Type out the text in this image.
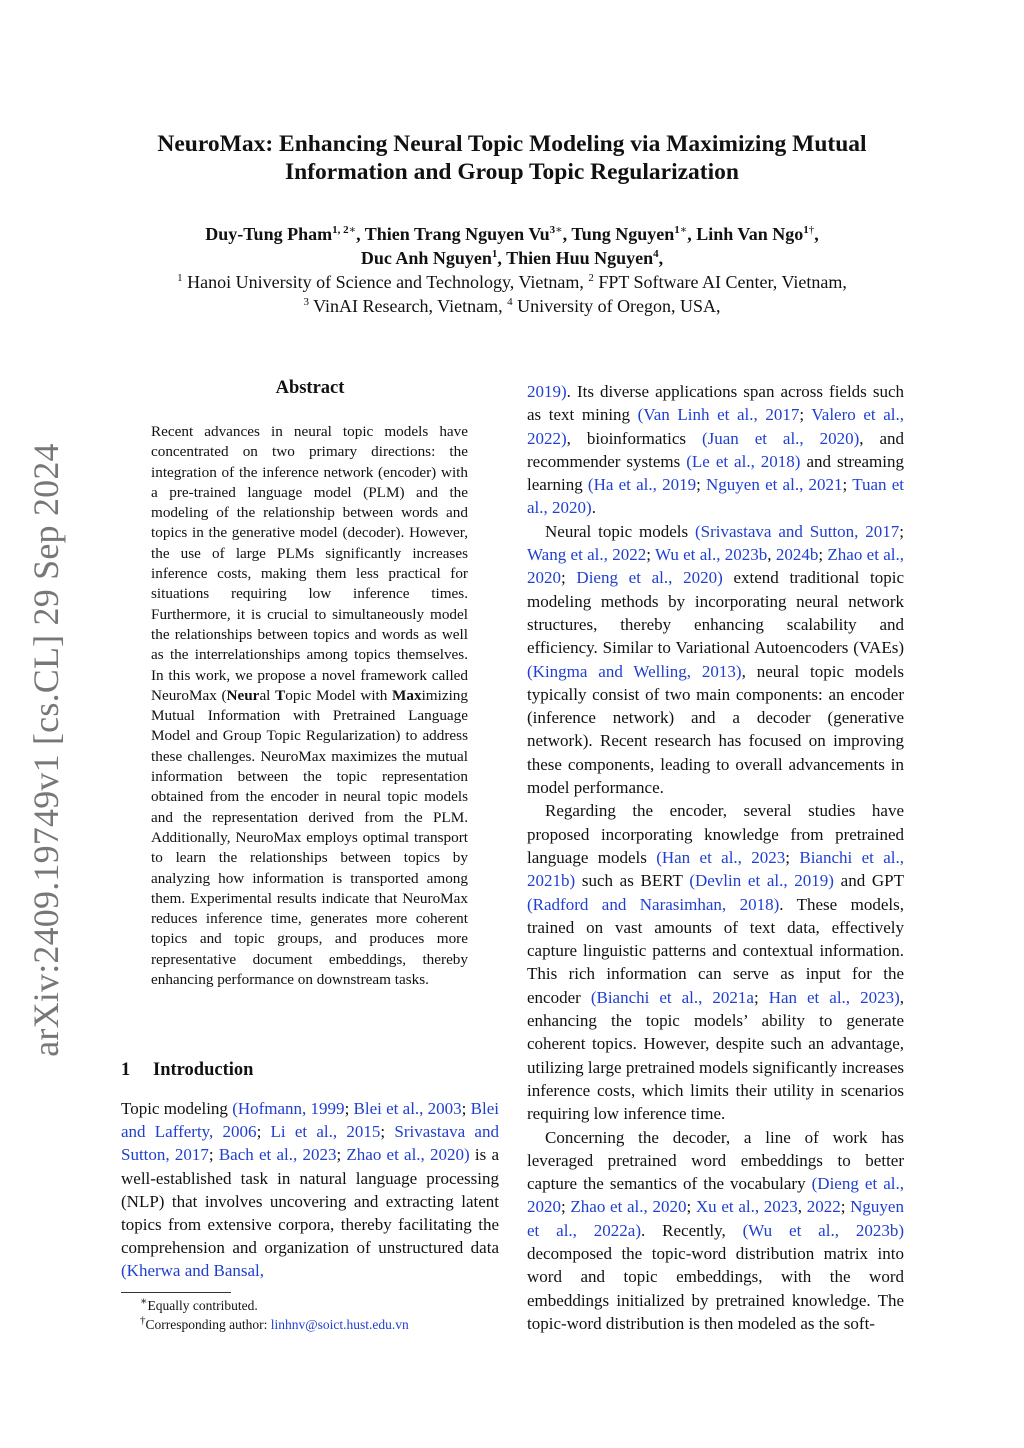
NeuroMax: Enhancing Neural Topic Modeling via Maximizing Mutual Information and Group Topic Regularization
Duy-Tung Pham$^{1, 2∗}$, Thien Trang Nguyen $Vu^{3∗}$, Tung Nguyen$^{1∗}$, Linh Van Ngo$^{1\dagger}$,
Duc Anh Nguyen$^1$, Thien Huu Nguyen$^4$,
$^1$ Hanoi University of Science and Technology, Vietnam, $^2$ FPT Software AI Center, Vietnam,
$^3$ VinAI Research, Vietnam, $^4$ University of Oregon, USA,
arXiv:2409.19749v1 [cs.CL] 29 Sep 2024
Abstract
Recent advances in neural topic models have concentrated on two primary directions: the integration of the inference network (encoder) with a pre-trained language model (PLM) and the modeling of the relationship between words and topics in the generative model (decoder). However, the use of large PLMs significantly increases inference costs, making them less practical for situations requiring low inference times. Furthermore, it is crucial to simultaneously model the relationships between topics and words as well as the interrelationships among topics themselves. In this work, we propose a novel framework called NeuroMax (Neural Topic Model with Maximizing Mutual Information with Pretrained Language Model and Group Topic Regularization) to address these challenges. NeuroMax maximizes the mutual information between the topic representation obtained from the encoder in neural topic models and the representation derived from the PLM. Additionally, NeuroMax employs optimal transport to learn the relationships between topics by analyzing how information is transported among them. Experimental results indicate that NeuroMax reduces inference time, generates more coherent topics and topic groups, and produces more representative document embeddings, thereby enhancing performance on downstream tasks.
1 Introduction

Topic modeling (Hofmann, 1999; Blei et al., 2003; Blei and Lafferty, 2006; Li et al., 2015; Srivastava and Sutton, 2017; Bach et al., 2023; Zhao et al., 2020) is a well-established task in natural language processing (NLP) that involves uncovering and extracting latent topics from extensive corpora, thereby facilitating the comprehension and organization of unstructured data (Kherwa and Bansal,

∗Equally contributed.
†Corresponding author: linhnv@soict.hust.edu.vn

2019). Its diverse applications span across fields such as text mining (Van Linh et al., 2017; Valero et al., 2022), bioinformatics (Juan et al., 2020), and recommender systems (Le et al., 2018) and streaming learning (Ha et al., 2019; Nguyen et al., 2021; Tuan et al., 2020).

Neural topic models (Srivastava and Sutton, 2017; Wang et al., 2022; Wu et al., 2023b, 2024b; Zhao et al., 2020; Dieng et al., 2020) extend traditional topic modeling methods by incorporating neural network structures, thereby enhancing scalability and efficiency. Similar to Variational Autoencoders (VAEs) (Kingma and Welling, 2013), neural topic models typically consist of two main components: an encoder (inference network) and a decoder (generative network). Recent research has focused on improving these components, leading to overall advancements in model performance.

Regarding the encoder, several studies have proposed incorporating knowledge from pretrained language models (Han et al., 2023; Bianchi et al., 2021b) such as BERT (Devlin et al., 2019) and GPT (Radford and Narasimhan, 2018). These models, trained on vast amounts of text data, effectively capture linguistic patterns and contextual information. This rich information can serve as input for the encoder (Bianchi et al., 2021a; Han et al., 2023), enhancing the topic models’ ability to generate coherent topics. However, despite such an advantage, utilizing large pretrained models significantly increases inference costs, which limits their utility in scenarios requiring low inference time.

Concerning the decoder, a line of work has leveraged pretrained word embeddings to better capture the semantics of the vocabulary (Dieng et al., 2020; Zhao et al., 2020; Xu et al., 2023, 2022; Nguyen et al., 2022a). Recently, (Wu et al., 2023b) decomposed the topic-word distribution matrix into word and topic embeddings, with the word embeddings initialized by pretrained knowledge. The topic-word distribution is then modeled as the soft-
